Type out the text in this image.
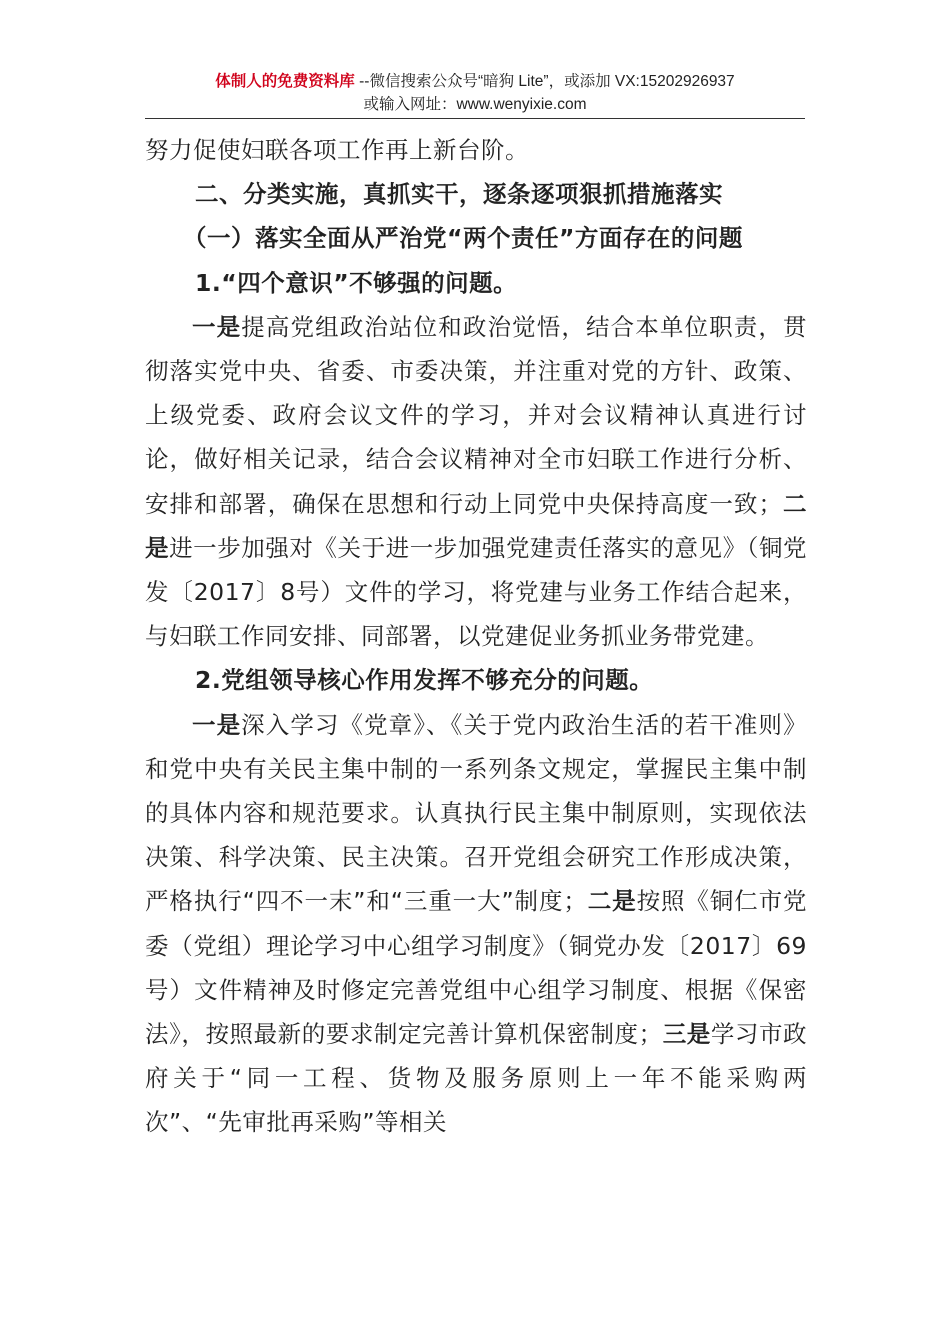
体制人的免费资料库 --微信搜索公众号“暗狗 Lite”，或添加 VX:15202926937
或输入网址：www.wenyixie.com

努力促使妇联各项工作再上新台阶。

二、分类实施，真抓实干，逐条逐项狠抓措施落实

（一）落实全面从严治党“两个责任”方面存在的问题

1.“四个意识”不够强的问题。

一是提高党组政治站位和政治觉悟，结合本单位职责，贯彻落实党中央、省委、市委决策，并注重对党的方针、政策、上级党委、政府会议文件的学习，并对会议精神认真进行讨论，做好相关记录，结合会议精神对全市妇联工作进行分析、安排和部署，确保在思想和行动上同党中央保持高度一致；二是进一步加强对《关于进一步加强党建责任落实的意见》（铜党发〔2017〕8号）文件的学习，将党建与业务工作结合起来，与妇联工作同安排、同部署，以党建促业务抓业务带党建。

2.党组领导核心作用发挥不够充分的问题。

一是深入学习《党章》、《关于党内政治生活的若干准则》和党中央有关民主集中制的一系列条文规定，掌握民主集中制的具体内容和规范要求。认真执行民主集中制原则，实现依法决策、科学决策、民主决策。召开党组会研究工作形成决策，严格执行“四不一末”和“三重一大”制度；二是按照《铜仁市党委（党组）理论学习中心组学习制度》（铜党办发〔2017〕69号）文件精神及时修定完善党组中心组学习制度、根据《保密法》，按照最新的要求制定完善计算机保密制度；三是学习市政府关于“同一工程、货物及服务原则上一年不能采购两次”、“先审批再采购”等相关
